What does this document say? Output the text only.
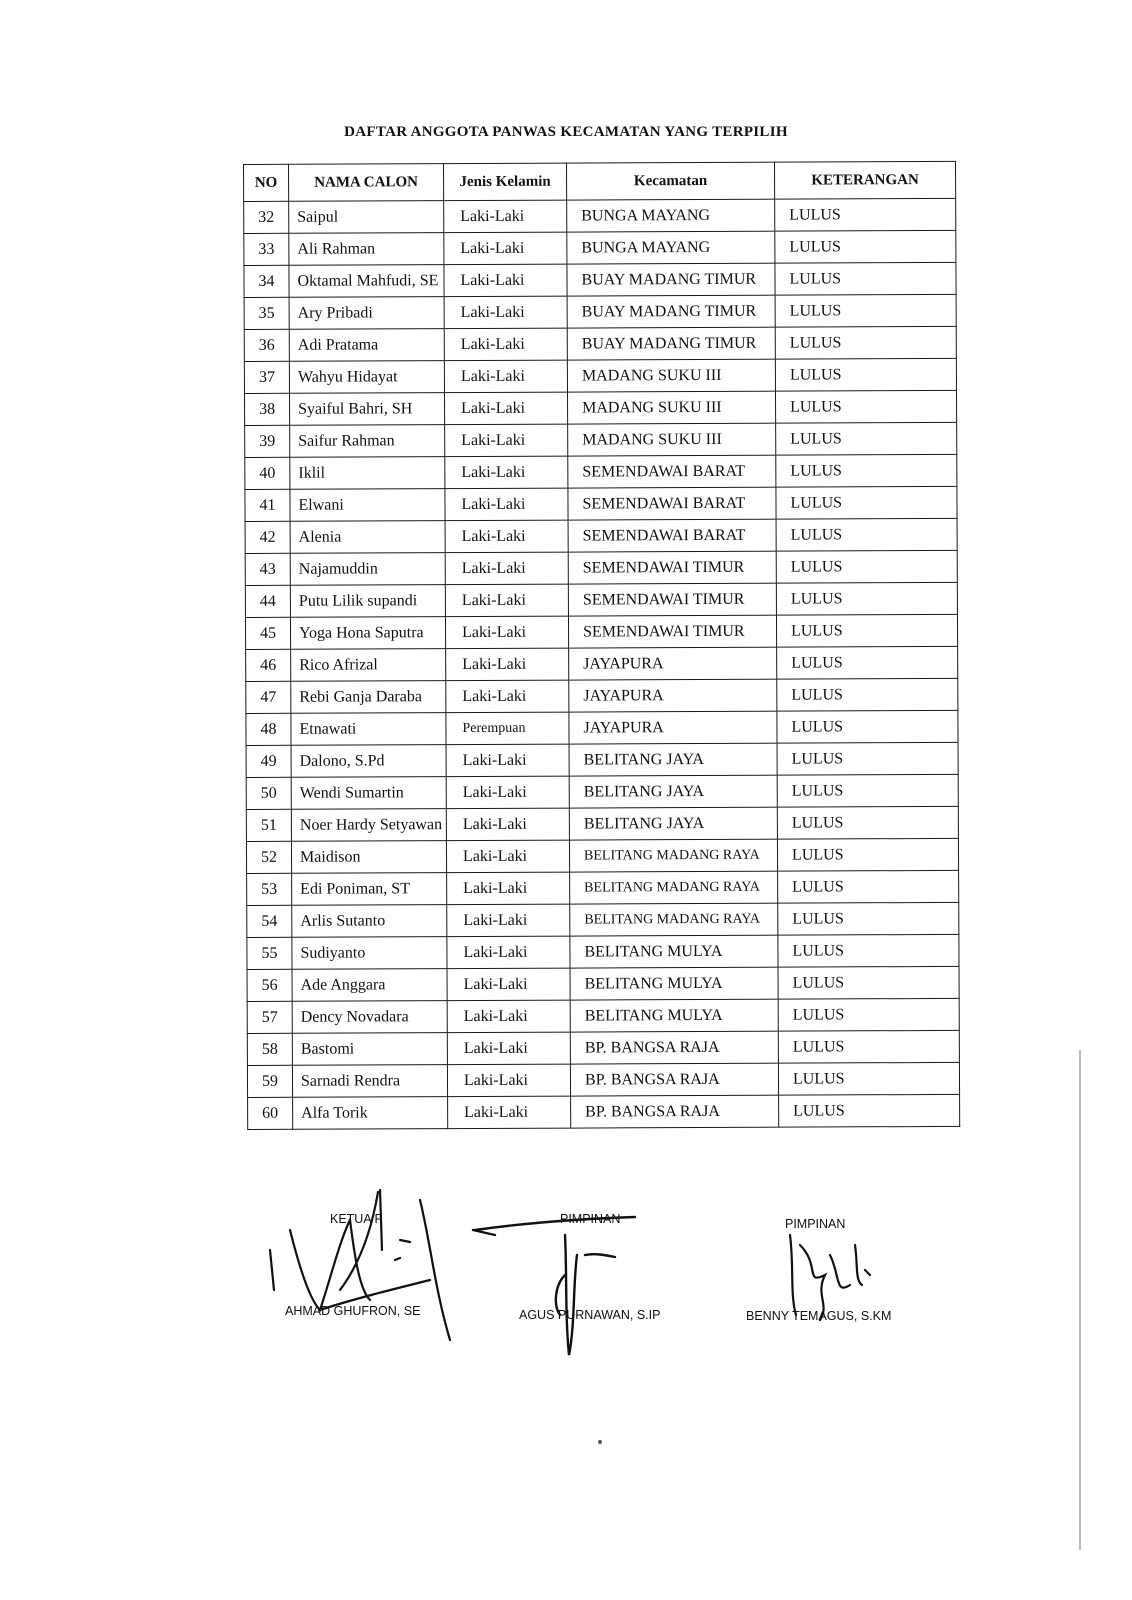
DAFTAR ANGGOTA PANWAS KECAMATAN YANG TERPILIH
NO	NAMA CALON	Jenis Kelamin	Kecamatan	KETERANGAN
32	Saipul	Laki-Laki	BUNGA MAYANG	LULUS
33	Ali Rahman	Laki-Laki	BUNGA MAYANG	LULUS
34	Oktamal Mahfudi, SE	Laki-Laki	BUAY MADANG TIMUR	LULUS
35	Ary Pribadi	Laki-Laki	BUAY MADANG TIMUR	LULUS
36	Adi Pratama	Laki-Laki	BUAY MADANG TIMUR	LULUS
37	Wahyu Hidayat	Laki-Laki	MADANG SUKU III	LULUS
38	Syaiful Bahri, SH	Laki-Laki	MADANG SUKU III	LULUS
39	Saifur Rahman	Laki-Laki	MADANG SUKU III	LULUS
40	Iklil	Laki-Laki	SEMENDAWAI BARAT	LULUS
41	Elwani	Laki-Laki	SEMENDAWAI BARAT	LULUS
42	Alenia	Laki-Laki	SEMENDAWAI BARAT	LULUS
43	Najamuddin	Laki-Laki	SEMENDAWAI TIMUR	LULUS
44	Putu Lilik supandi	Laki-Laki	SEMENDAWAI TIMUR	LULUS
45	Yoga Hona Saputra	Laki-Laki	SEMENDAWAI TIMUR	LULUS
46	Rico Afrizal	Laki-Laki	JAYAPURA	LULUS
47	Rebi Ganja Daraba	Laki-Laki	JAYAPURA	LULUS
48	Etnawati	Perempuan	JAYAPURA	LULUS
49	Dalono, S.Pd	Laki-Laki	BELITANG JAYA	LULUS
50	Wendi Sumartin	Laki-Laki	BELITANG JAYA	LULUS
51	Noer Hardy Setyawan	Laki-Laki	BELITANG JAYA	LULUS
52	Maidison	Laki-Laki	BELITANG MADANG RAYA	LULUS
53	Edi Poniman, ST	Laki-Laki	BELITANG MADANG RAYA	LULUS
54	Arlis Sutanto	Laki-Laki	BELITANG MADANG RAYA	LULUS
55	Sudiyanto	Laki-Laki	BELITANG MULYA	LULUS
56	Ade Anggara	Laki-Laki	BELITANG MULYA	LULUS
57	Dency Novadara	Laki-Laki	BELITANG MULYA	LULUS
58	Bastomi	Laki-Laki	BP. BANGSA RAJA	LULUS
59	Sarnadi Rendra	Laki-Laki	BP. BANGSA RAJA	LULUS
60	Alfa Torik	Laki-Laki	BP. BANGSA RAJA	LULUS
KETUA P
AHMAD GHUFRON, SE
PIMPINAN
AGUS PURNAWAN, S.IP
PIMPINAN
BENNY TEMAGUS, S.KM
